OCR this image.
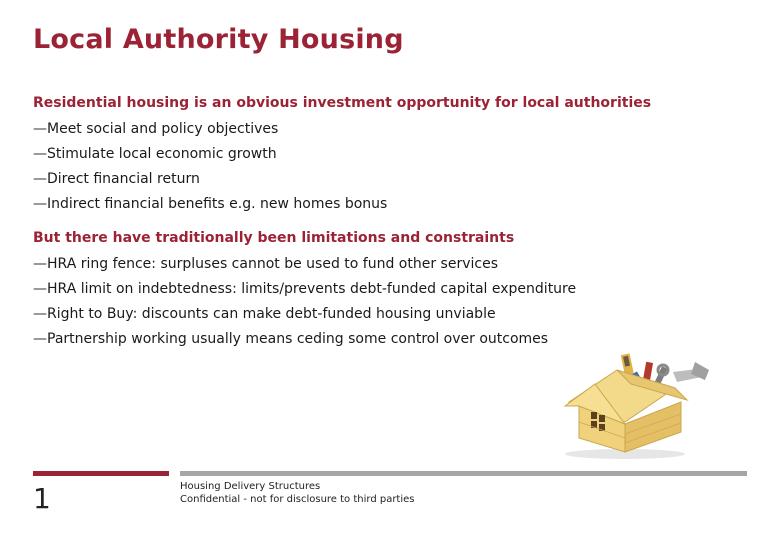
Local Authority Housing
Residential housing is an obvious investment opportunity for local authorities
—Meet social and policy objectives
—Stimulate local economic growth
—Direct financial return
—Indirect financial benefits e.g. new homes bonus
But there have traditionally been limitations and constraints
—HRA ring fence: surpluses cannot be used to fund other services
—HRA limit on indebtedness: limits/prevents debt-funded capital expenditure
—Right to Buy: discounts can make debt-funded housing unviable
—Partnership working usually means ceding some control over outcomes
1	Housing Delivery Structures
Confidential - not for disclosure to third parties
